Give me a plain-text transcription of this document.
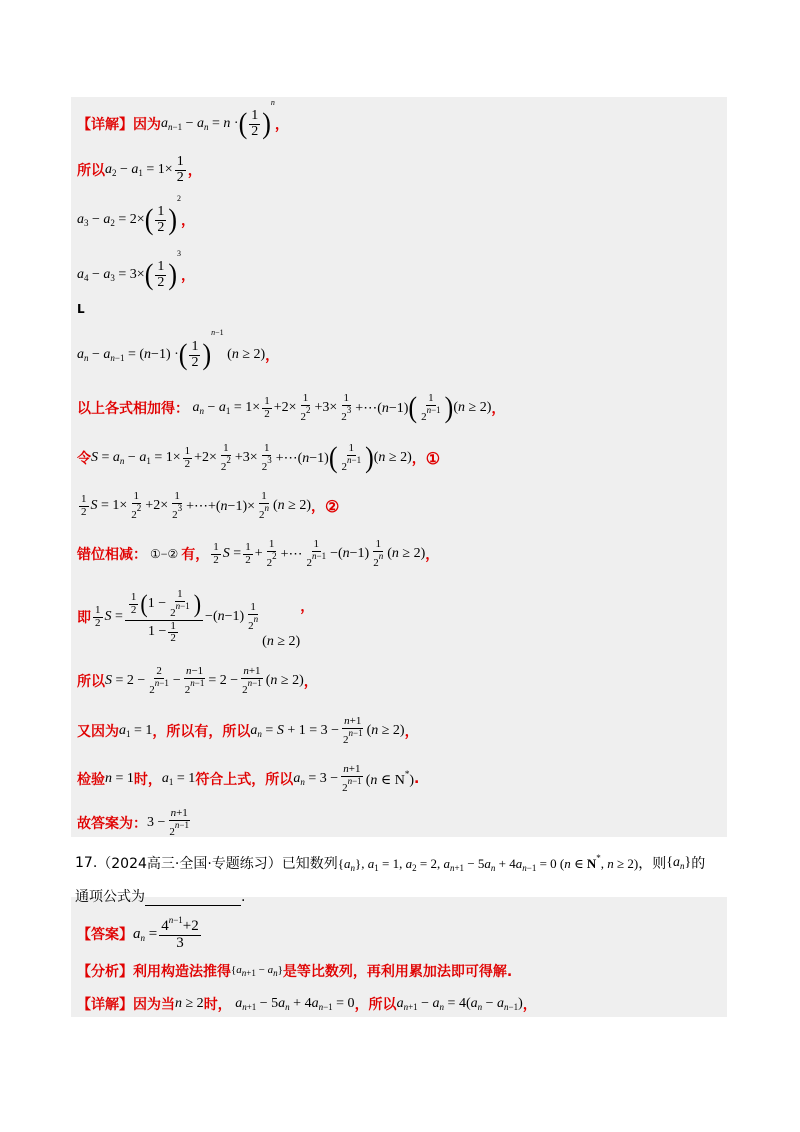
【详解】因为 $a_{n-1} - a_n = n$ · ( $\frac{1}{2}$ )
n
，
所以 $a_2 - a_1 = 1\times \frac{1}{2}$ ，
$a_3 - a_2 = 2\times$ ( $\frac{1}{2}$ )
2
，
$a_4 - a_3 = 3\times$ ( $\frac{1}{2}$ )
3
，
L
$a_n - a_{n-1} = (n-1)$ · ( $\frac{1}{2}$ )
n−1
(n ≥ 2) ，
以上各式相加得： $a_n - a_1 = 1\times \frac{1}{2} +2\times \frac{1}{2^2} +3\times \frac{1}{2^3}$ +⋯(n−1) ( $\frac{1}{2^{n-1}}$ ) (n ≥ 2) ，
令 $S = a_n - a_1 = 1\times \frac{1}{2} +2\times \frac{1}{2^2} +3\times \frac{1}{2^3}$ +⋯(n−1) ( $\frac{1}{2^{n-1}}$ ) (n ≥ 2) ， ①
$\frac{1}{2}$ $S = 1\times \frac{1}{2^2} +2\times \frac{1}{2^3}$ +⋯+(n−1)× $\frac{1}{2^n} (n \ge 2)$ ， ②
错位相减： ①−② 有， $\frac{1}{2}$ $S = \frac{1}{2} + \frac{1}{2^2}$ +⋯ $\frac{1}{2^{n-1}} -(n-1) \frac{1}{2^n} (n \ge 2)$ ，
即 $\frac{1}{2}$ $S = \frac{\frac{1}{2} ( 1 - \frac{1}{2^{n-1}} )}{1 - \frac{1}{2}} -(n-1) \frac{1}{2^n}$
(n ≥ 2)
，
所以 $S = 2 - \frac{2}{2^{n-1}} - \frac{n-1}{2^{n-1}} = 2 - \frac{n+1}{2^{n-1}} (n \ge 2)$ ，
又因为 $a_1 = 1$ ，所以有，所以 $a_n = S + 1 = 3 - \frac{n+1}{2^{n-1}} (n \ge 2)$ ，
检验 n = 1 时， $a_1 = 1$ 符合上式，所以 $a_n = 3 - \frac{n+1}{2^{n-1}} (n$ ∈ N*) .
故答案为： $3 - \frac{n+1}{2^{n-1}}$
17. （2024高三·全国·专题练习）已知数列 $\{a_n\}$, $a_1 = 1$, $a_2 = 2$, $a_{n+1} - 5a_n + 4a_{n-1} = 0$ (n ∈ N*, n ≥ 2) ，则 $\{a_n\}$ 的
通项公式为	.
【答案】 $a_n = \frac{4^{n-1}+2}{3}$
【分析】利用构造法推得 $\{a_{n+1} - a_n\}$ 是等比数列，再利用累加法即可得解.
【详解】因为当 n ≥ 2 时， $a_{n+1} - 5a_n + 4a_{n-1} = 0$ ，所以 $a_{n+1} - a_n = 4(a_n - a_{n-1})$ ，
